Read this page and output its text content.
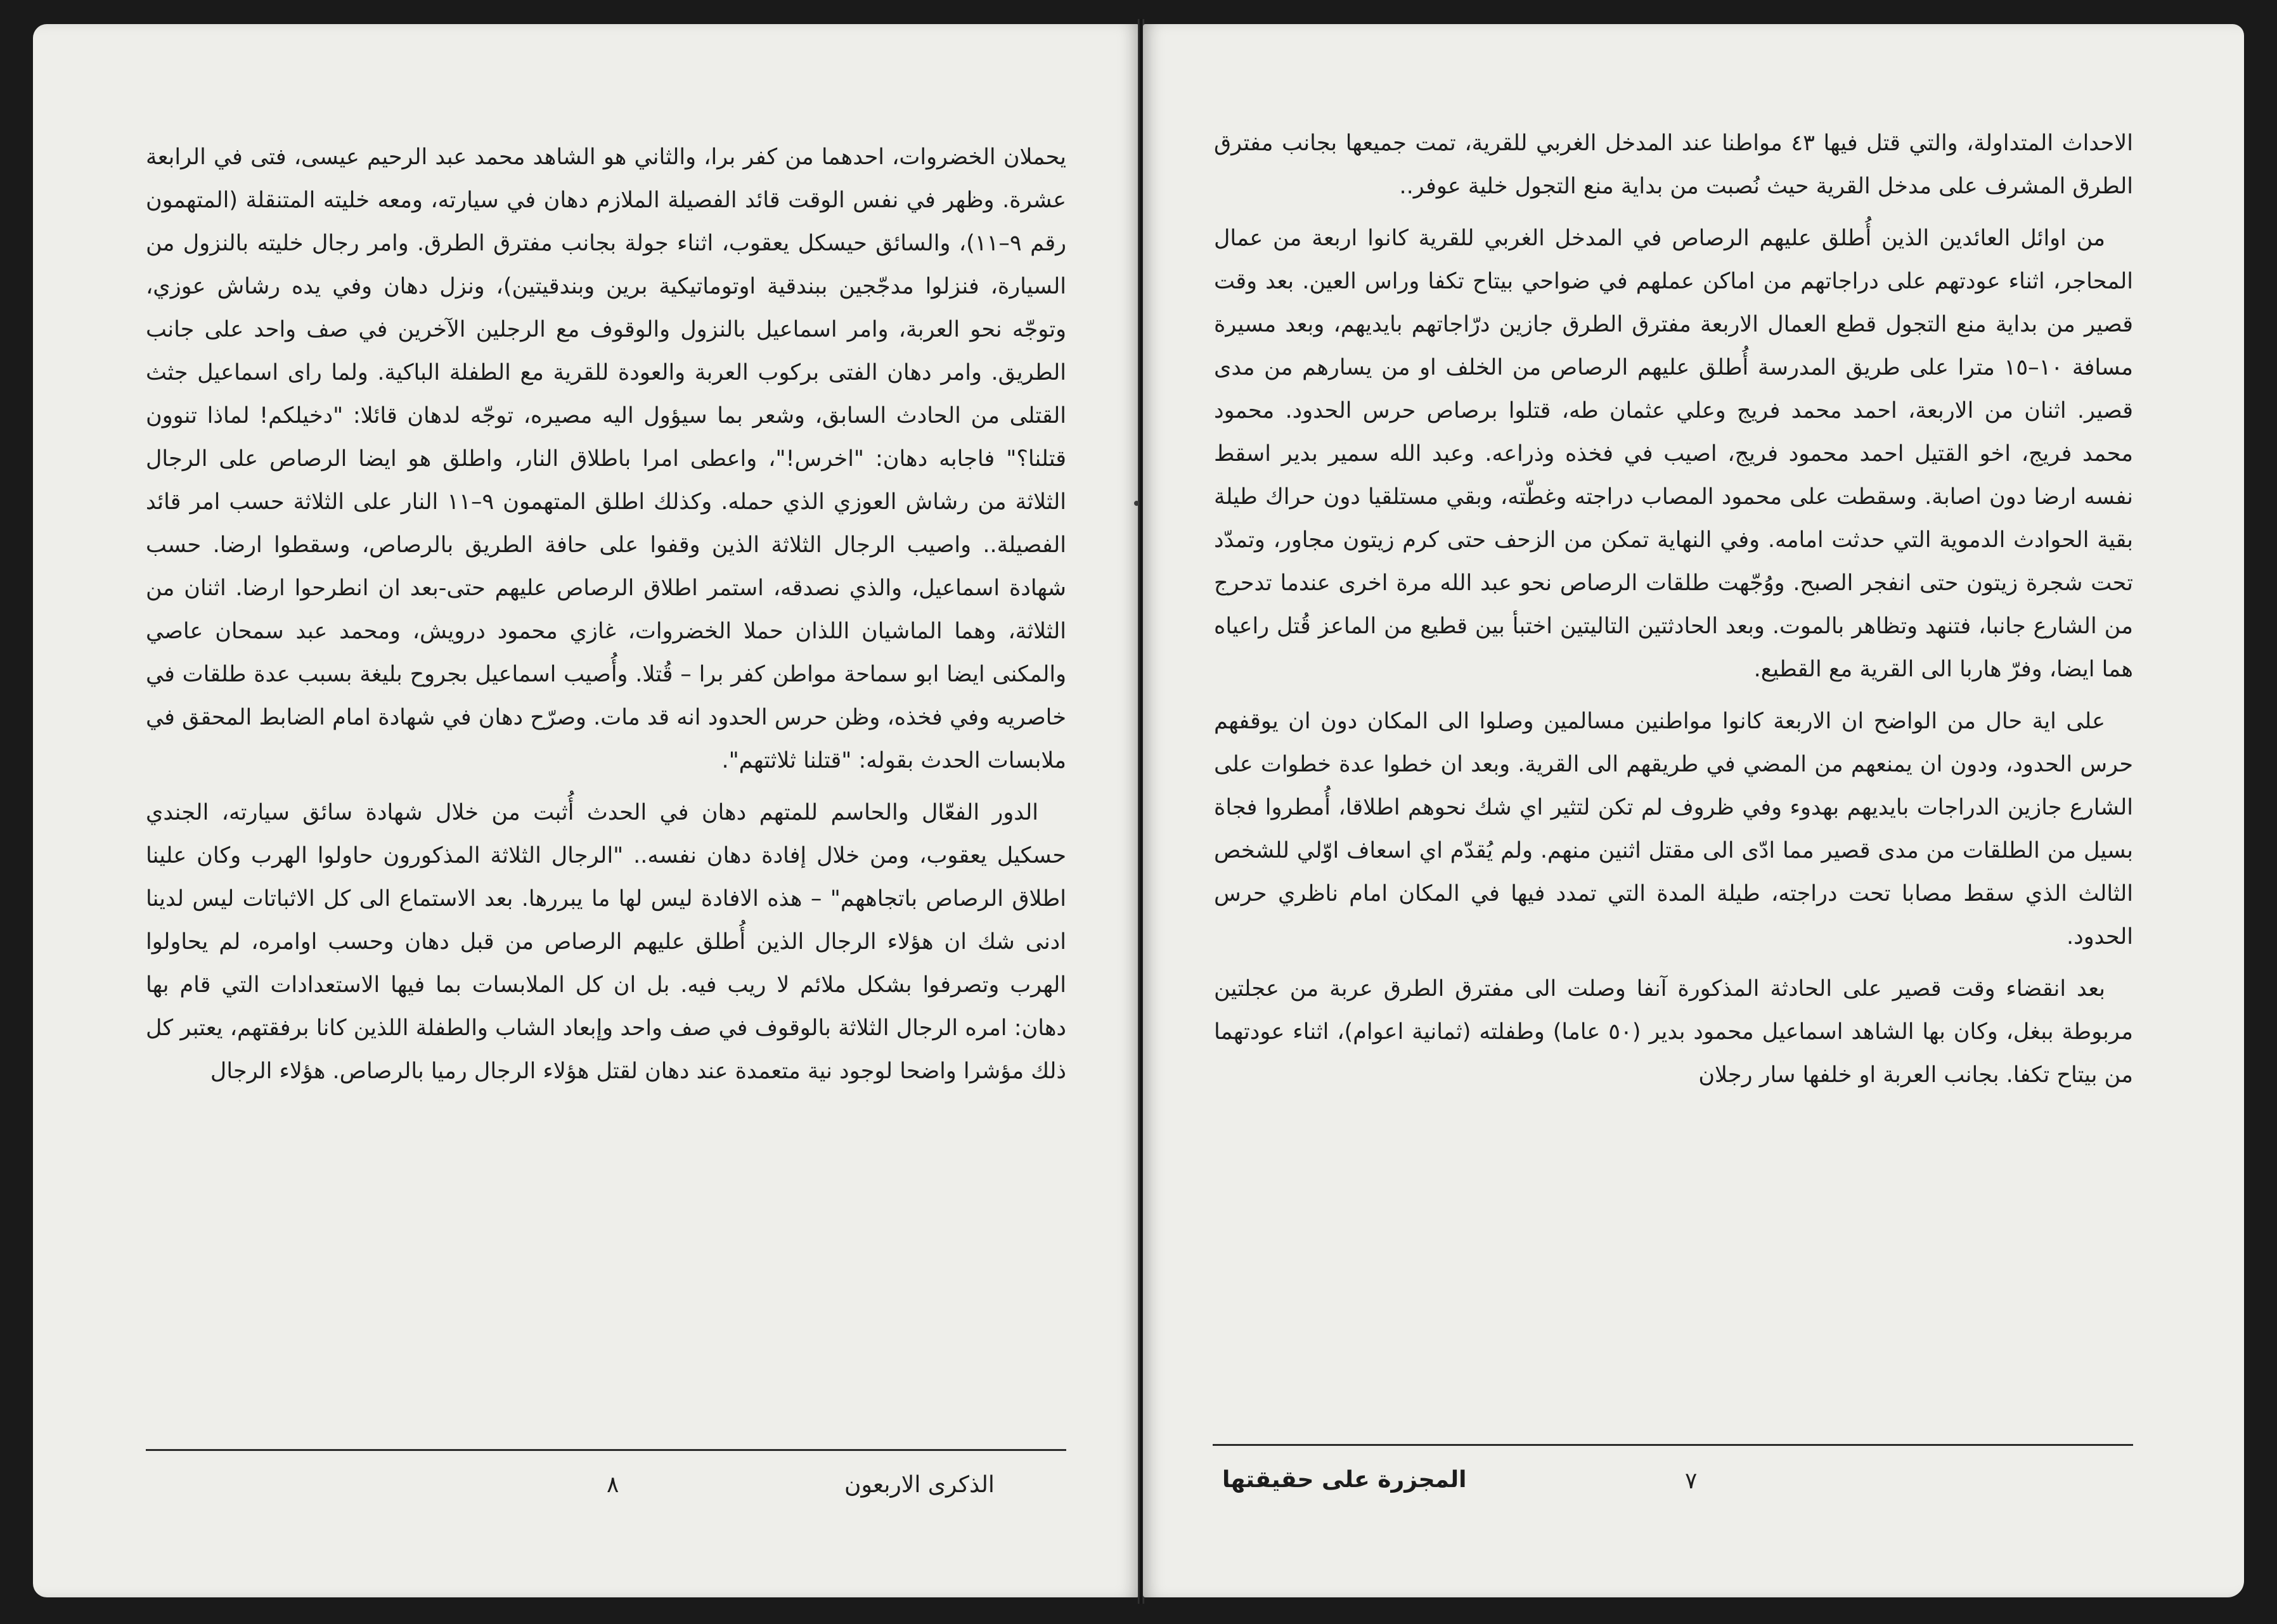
يحملان الخضروات، احدهما من كفر برا، والثاني هو الشاهد محمد عبد الرحيم عيسى، فتى في الرابعة عشرة. وظهر في نفس الوقت قائد الفصيلة الملازم دهان في سيارته، ومعه خليته المتنقلة (المتهمون رقم ٩–١١)، والسائق حيسكل يعقوب، اثناء جولة بجانب مفترق الطرق. وامر رجال خليته بالنزول من السيارة، فنزلوا مدجّجين ببندقية اوتوماتيكية برين وبندقيتين)، ونزل دهان وفي يده رشاش عوزي، وتوجّه نحو العربة، وامر اسماعيل بالنزول والوقوف مع الرجلين الآخرين في صف واحد على جانب الطريق. وامر دهان الفتى بركوب العربة والعودة للقرية مع الطفلة الباكية. ولما راى اسماعيل جثث القتلى من الحادث السابق، وشعر بما سيؤول اليه مصيره، توجّه لدهان قائلا: "دخيلكم! لماذا تنوون قتلنا؟" فاجابه دهان: "اخرس!"، واعطى امرا باطلاق النار، واطلق هو ايضا الرصاص على الرجال الثلاثة من رشاش العوزي الذي حمله. وكذلك اطلق المتهمون ٩–١١ النار على الثلاثة حسب امر قائد الفصيلة.. واصيب الرجال الثلاثة الذين وقفوا على حافة الطريق بالرصاص، وسقطوا ارضا. حسب شهادة اسماعيل، والذي نصدقه، استمر اطلاق الرصاص عليهم حتى-بعد ان انطرحوا ارضا. اثنان من الثلاثة، وهما الماشيان اللذان حملا الخضروات، غازي محمود درويش، ومحمد عبد سمحان عاصي والمكنى ايضا ابو سماحة مواطن كفر برا – قُتلا. وأُصيب اسماعيل بجروح بليغة بسبب عدة طلقات في خاصريه وفي فخذه، وظن حرس الحدود انه قد مات. وصرّح دهان في شهادة امام الضابط المحقق في ملابسات الحدث بقوله: "قتلنا ثلاثتهم".

الدور الفعّال والحاسم للمتهم دهان في الحدث أُثبت من خلال شهادة سائق سيارته، الجندي حسكيل يعقوب، ومن خلال إفادة دهان نفسه.. "الرجال الثلاثة المذكورون حاولوا الهرب وكان علينا اطلاق الرصاص باتجاههم" – هذه الافادة ليس لها ما يبررها. بعد الاستماع الى كل الاثباتات ليس لدينا ادنى شك ان هؤلاء الرجال الذين أُطلق عليهم الرصاص من قبل دهان وحسب اوامره، لم يحاولوا الهرب وتصرفوا بشكل ملائم لا ريب فيه. بل ان كل الملابسات بما فيها الاستعدادات التي قام بها دهان: امره الرجال الثلاثة بالوقوف في صف واحد وإبعاد الشاب والطفلة اللذين كانا برفقتهم، يعتبر كل ذلك مؤشرا واضحا لوجود نية متعمدة عند دهان لقتل هؤلاء الرجال رميا بالرصاص. هؤلاء الرجال

الذكرى الاربعون
٨

الاحداث المتداولة، والتي قتل فيها ٤٣ مواطنا عند المدخل الغربي للقرية، تمت جميعها بجانب مفترق الطرق المشرف على مدخل القرية حيث نُصبت من بداية منع التجول خلية عوفر..

من اوائل العائدين الذين أُطلق عليهم الرصاص في المدخل الغربي للقرية كانوا اربعة من عمال المحاجر، اثناء عودتهم على دراجاتهم من اماكن عملهم في ضواحي بيتاح تكفا وراس العين. بعد وقت قصير من بداية منع التجول قطع العمال الاربعة مفترق الطرق جازين درّاجاتهم بايديهم، وبعد مسيرة مسافة ١٠–١٥ مترا على طريق المدرسة أُطلق عليهم الرصاص من الخلف او من يسارهم من مدى قصير. اثنان من الاربعة، احمد محمد فريج وعلي عثمان طه، قتلوا برصاص حرس الحدود. محمود محمد فريج، اخو القتيل احمد محمود فريج، اصيب في فخذه وذراعه. وعبد الله سمير بدير اسقط نفسه ارضا دون اصابة. وسقطت على محمود المصاب دراجته وغطّته، وبقي مستلقيا دون حراك طيلة بقية الحوادث الدموية التي حدثت امامه. وفي النهاية تمكن من الزحف حتى كرم زيتون مجاور، وتمدّد تحت شجرة زيتون حتى انفجر الصبح. ووُجّهت طلقات الرصاص نحو عبد الله مرة اخرى عندما تدحرج من الشارع جانبا، فتنهد وتظاهر بالموت. وبعد الحادثتين التاليتين اختبأ بين قطيع من الماعز قُتل راعياه هما ايضا، وفرّ هاربا الى القرية مع القطيع.

على اية حال من الواضح ان الاربعة كانوا مواطنين مسالمين وصلوا الى المكان دون ان يوقفهم حرس الحدود، ودون ان يمنعهم من المضي في طريقهم الى القرية. وبعد ان خطوا عدة خطوات على الشارع جازين الدراجات بايديهم بهدوء وفي ظروف لم تكن لتثير اي شك نحوهم اطلاقا، أُمطروا فجاة بسيل من الطلقات من مدى قصير مما ادّى الى مقتل اثنين منهم. ولم يُقدّم اي اسعاف اوّلي للشخص الثالث الذي سقط مصابا تحت دراجته، طيلة المدة التي تمدد فيها في المكان امام ناظري حرس الحدود.

بعد انقضاء وقت قصير على الحادثة المذكورة آنفا وصلت الى مفترق الطرق عربة من عجلتين مربوطة ببغل، وكان بها الشاهد اسماعيل محمود بدير (٥٠ عاما) وطفلته (ثمانية اعوام)، اثناء عودتهما من بيتاح تكفا. بجانب العربة او خلفها سار رجلان

المجزرة على حقيقتها	٧
